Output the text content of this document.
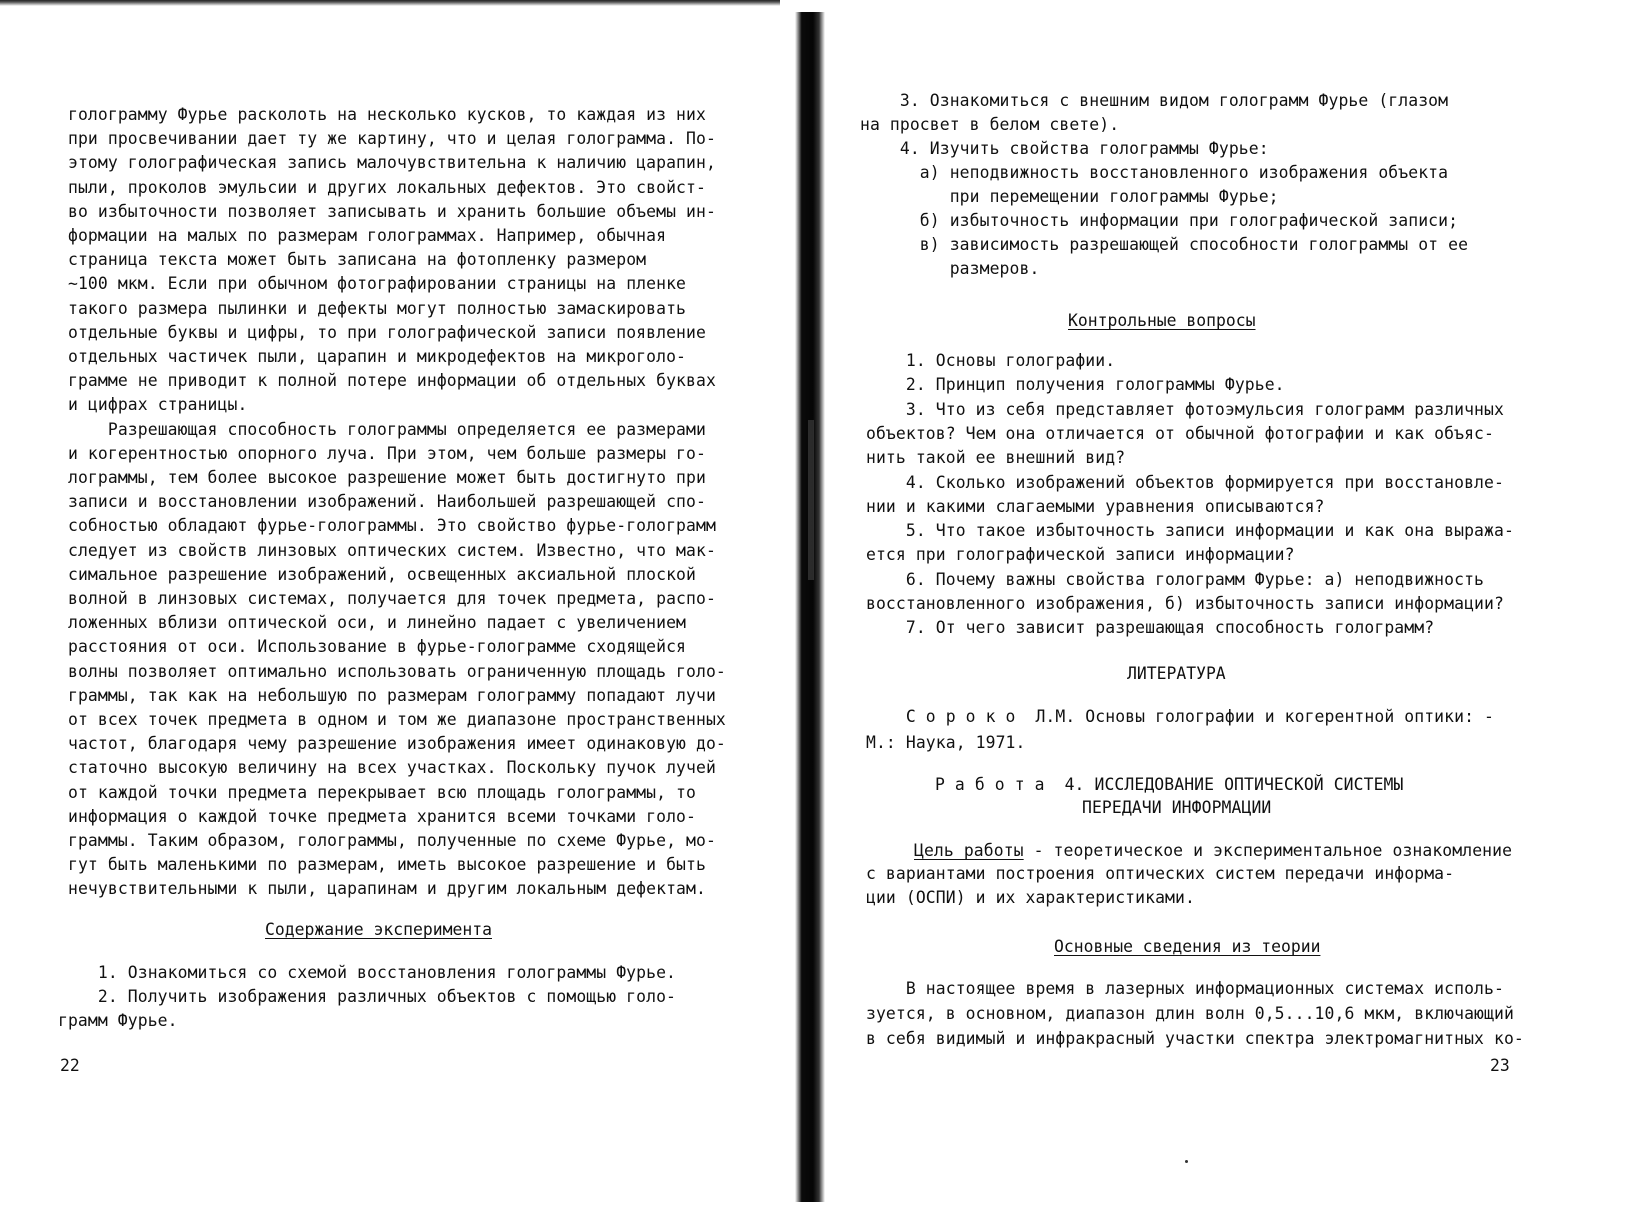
голограмму Фурье расколоть на несколько кусков, то каждая из них
при просвечивании дает ту же картину, что и целая голограмма. По-
этому голографическая запись малочувствительна к наличию царапин,
пыли, проколов эмульсии и других локальных дефектов. Это свойст-
во избыточности позволяет записывать и хранить большие объемы ин-
формации на малых по размерам голограммах. Например, обычная
страница текста может быть записана на фотопленку размером
~100 мкм. Если при обычном фотографировании страницы на пленке
такого размера пылинки и дефекты могут полностью замаскировать
отдельные буквы и цифры, то при голографической записи появление
отдельных частичек пыли, царапин и микродефектов на микроголо-
грамме не приводит к полной потере информации об отдельных буквах
и цифрах страницы.
Разрешающая способность голограммы определяется ее размерами
и когерентностью опорного луча. При этом, чем больше размеры го-
лограммы, тем более высокое разрешение может быть достигнуто при
записи и восстановлении изображений. Наибольшей разрешающей спо-
собностью обладают фурье-голограммы. Это свойство фурье-голограмм
следует из свойств линзовых оптических систем. Известно, что мак-
симальное разрешение изображений, освещенных аксиальной плоской
волной в линзовых системах, получается для точек предмета, распо-
ложенных вблизи оптической оси, и линейно падает с увеличением
расстояния от оси. Использование в фурье-голограмме сходящейся
волны позволяет оптимально использовать ограниченную площадь голо-
граммы, так как на небольшую по размерам голограмму попадают лучи
от всех точек предмета в одном и том же диапазоне пространственных
частот, благодаря чему разрешение изображения имеет одинаковую до-
статочно высокую величину на всех участках. Поскольку пучок лучей
от каждой точки предмета перекрывает всю площадь голограммы, то
информация о каждой точке предмета хранится всеми точками голо-
граммы. Таким образом, голограммы, полученные по схеме Фурье, мо-
гут быть маленькими по размерам, иметь высокое разрешение и быть
нечувствительными к пыли, царапинам и другим локальным дефектам.
Содержание эксперимента
1. Ознакомиться со схемой восстановления голограммы Фурье.
2. Получить изображения различных объектов с помощью голо-
грамм Фурье.
22
3. Ознакомиться с внешним видом голограмм Фурье (глазом
на просвет в белом свете).
4. Изучить свойства голограммы Фурье:
а) неподвижность восстановленного изображения объекта
при перемещении голограммы Фурье;
б) избыточность информации при голографической записи;
в) зависимость разрешающей способности голограммы от ее
размеров.
Контрольные вопросы
1. Основы голографии.
2. Принцип получения голограммы Фурье.
3. Что из себя представляет фотоэмульсия голограмм различных
объектов? Чем она отличается от обычной фотографии и как объяс-
нить такой ее внешний вид?
4. Сколько изображений объектов формируется при восстановле-
нии и какими слагаемыми уравнения описываются?
5. Что такое избыточность записи информации и как она выража-
ется при голографической записи информации?
6. Почему важны свойства голограмм Фурье: а) неподвижность
восстановленного изображения, б) избыточность записи информации?
7. От чего зависит разрешающая способность голограмм?
ЛИТЕРАТУРА
С о р о к о  Л.М. Основы голографии и когерентной оптики: -
М.: Наука, 1971.
Р а б о т а  4. ИССЛЕДОВАНИЕ ОПТИЧЕСКОЙ СИСТЕМЫ
ПЕРЕДАЧИ ИНФОРМАЦИИ
Цель работы - теоретическое и экспериментальное ознакомление
с вариантами построения оптических систем передачи информа-
ции (ОСПИ) и их характеристиками.
Основные сведения из теории
В настоящее время в лазерных информационных системах исполь-
зуется, в основном, диапазон длин волн 0,5...10,6 мкм, включающий
в себя видимый и инфракрасный участки спектра электромагнитных ко-
23
